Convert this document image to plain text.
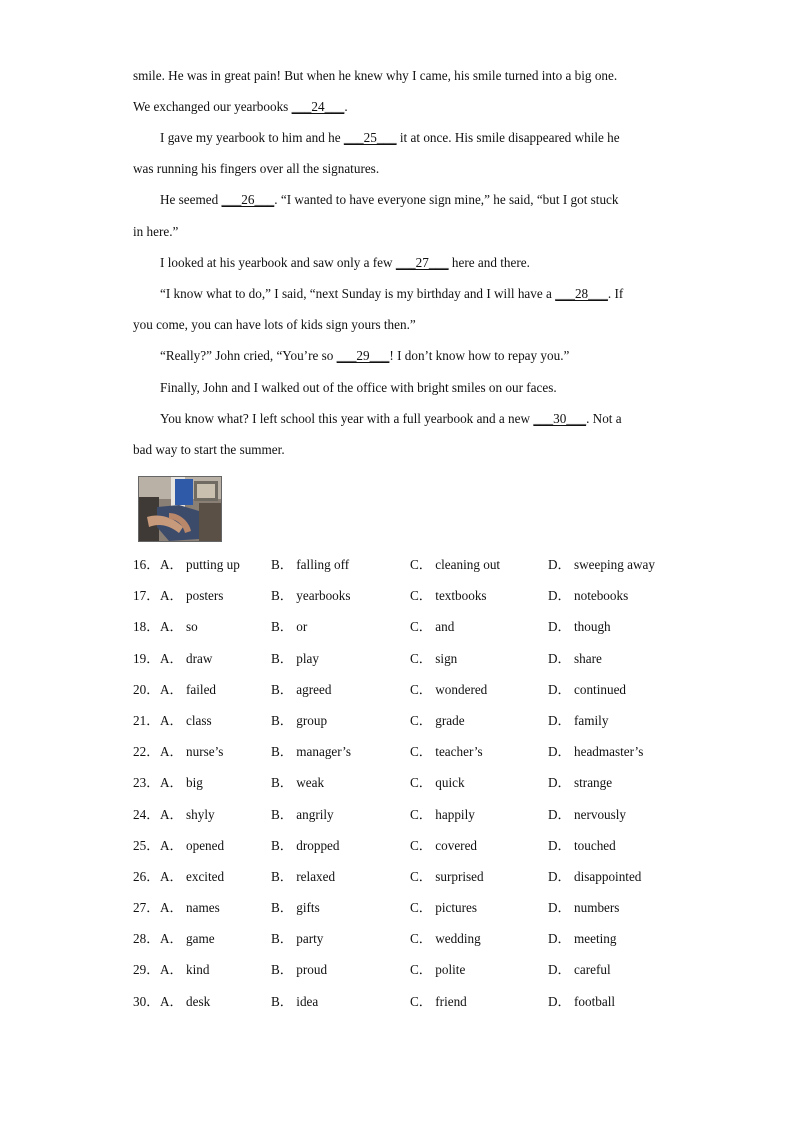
smile. He was in great pain! But when he knew why I came, his smile turned into a big one.
We exchanged our yearbooks ___24___.
I gave my yearbook to him and he ___25___ it at once. His smile disappeared while he
was running his fingers over all the signatures.
He seemed ___26___. “I wanted to have everyone sign mine,” he said, “but I got stuck
in here.”
I looked at his yearbook and saw only a few ___27___ here and there.
“I know what to do,” I said, “next Sunday is my birthday and I will have a ___28___. If
you come, you can have lots of kids sign yours then.”
“Really?” John cried, “You’re so ___29___! I don’t know how to repay you.”
Finally, John and I walked out of the office with bright smiles on our faces.
You know what? I left school this year with a full yearbook and a new ___30___. Not a
bad way to start the summer.
16． A． putting up B． falling off	C． cleaning out	D． sweeping away
17． A． posters	B． yearbooks	C． textbooks	D． notebooks
18． A． so	B． or	C． and	D． though
19． A． draw	B． play	C． sign	D． share
20． A． failed	B． agreed	C． wondered	D． continued
21． A． class	B． group	C． grade	D． family
22． A． nurse’s	B． manager’s	C． teacher’s	D． headmaster’s
23． A． big	B． weak	C． quick	D． strange
24． A． shyly	B． angrily	C． happily	D． nervously
25． A． opened	B． dropped	C． covered	D． touched
26． A． excited	B． relaxed	C． surprised	D． disappointed
27． A． names	B． gifts	C． pictures	D． numbers
28． A． game	B． party	C． wedding	D． meeting
29． A． kind	B． proud	C． polite	D． careful
30． A． desk	B． idea	C． friend	D． football
